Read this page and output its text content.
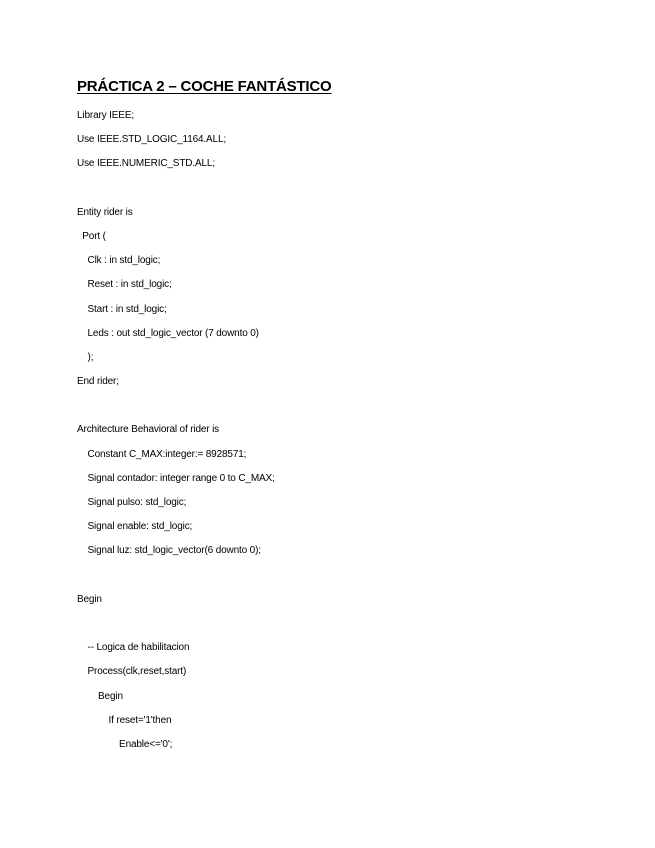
PRÁCTICA 2 – COCHE FANTÁSTICO
Library IEEE;
Use IEEE.STD_LOGIC_1164.ALL;
Use IEEE.NUMERIC_STD.ALL;
Entity rider is
Port (
Clk : in std_logic;
Reset : in std_logic;
Start : in std_logic;
Leds : out std_logic_vector (7 downto 0)
);
End rider;
Architecture Behavioral of rider is
Constant C_MAX:integer:= 8928571;
Signal contador: integer range 0 to C_MAX;
Signal pulso: std_logic;
Signal enable: std_logic;
Signal luz: std_logic_vector(6 downto 0);
Begin
-- Logica de habilitacion
Process(clk,reset,start)
Begin
If reset='1'then
Enable<='0';
